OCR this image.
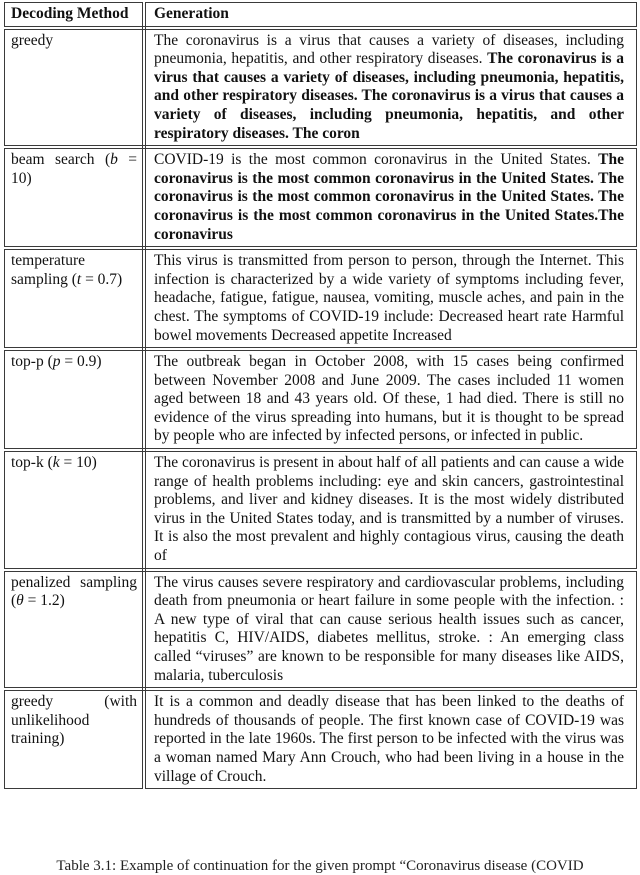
Decoding Method	Generation
greedy	The coronavirus is a virus that causes a variety of diseases, including pneumonia, hepatitis, and other respiratory diseases. The coronavirus is a virus that causes a variety of diseases, including pneumonia, hepatitis, and other respiratory diseases. The coronavirus is a virus that causes a variety of diseases, including pneumonia, hepatitis, and other respiratory diseases. The coron
beam search (b = 10)	COVID-19 is the most common coronavirus in the United States. The coronavirus is the most common coronavirus in the United States. The coronavirus is the most common coronavirus in the United States. The coronavirus is the most common coronavirus in the United States.The coronavirus
temperature sampling (t = 0.7)	This virus is transmitted from person to person, through the Internet. This infection is characterized by a wide variety of symptoms including fever, headache, fatigue, fatigue, nausea, vomiting, muscle aches, and pain in the chest. The symptoms of COVID-19 include: Decreased heart rate Harmful bowel movements Decreased appetite Increased
top-p (p = 0.9)	The outbreak began in October 2008, with 15 cases being confirmed between November 2008 and June 2009. The cases included 11 women aged between 18 and 43 years old. Of these, 1 had died. There is still no evidence of the virus spreading into humans, but it is thought to be spread by people who are infected by infected persons, or infected in public.
top-k (k = 10)	The coronavirus is present in about half of all patients and can cause a wide range of health problems including: eye and skin cancers, gastrointestinal problems, and liver and kidney diseases. It is the most widely distributed virus in the United States today, and is transmitted by a number of viruses. It is also the most prevalent and highly contagious virus, causing the death of
penalized sampling (θ = 1.2)	The virus causes severe respiratory and cardiovascular problems, including death from pneumonia or heart failure in some people with the infection. : A new type of viral that can cause serious health issues such as cancer, hepatitis C, HIV/AIDS, diabetes mellitus, stroke. : An emerging class called “viruses” are known to be responsible for many diseases like AIDS, malaria, tuberculosis
greedy (with unlikelihood training)	It is a common and deadly disease that has been linked to the deaths of hundreds of thousands of people. The first known case of COVID-19 was reported in the late 1960s. The first person to be infected with the virus was a woman named Mary Ann Crouch, who had been living in a house in the village of Crouch.
Table 3.1: Example of continuation for the given prompt “Coronavirus disease (COVID
